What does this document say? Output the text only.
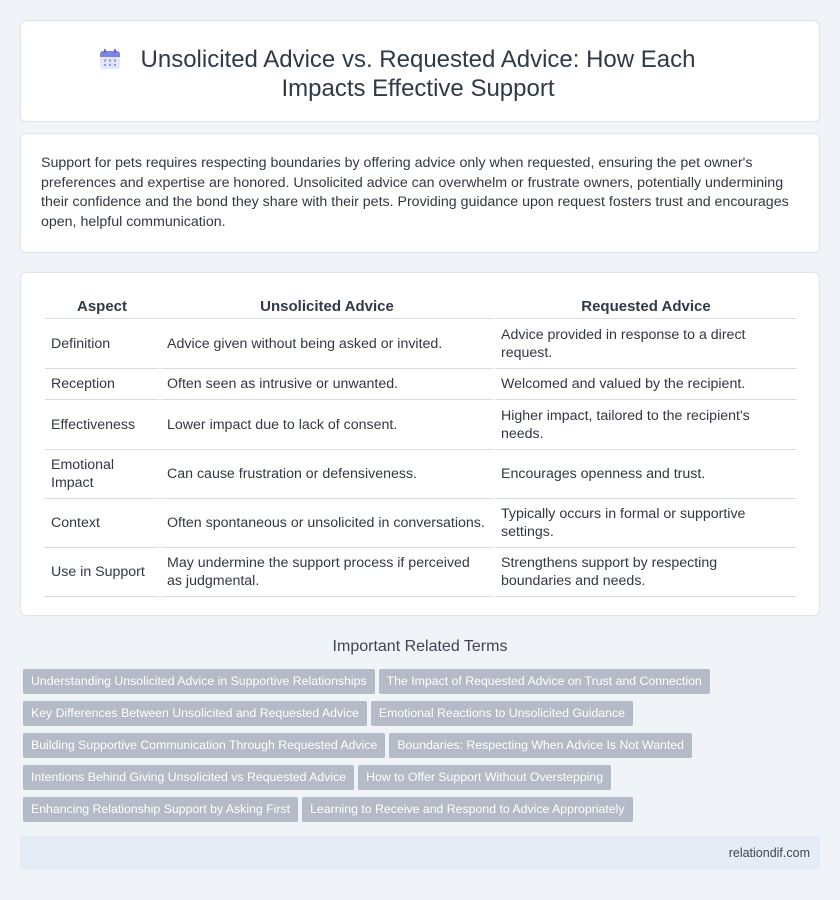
Unsolicited Advice vs. Requested Advice: How Each Impacts Effective Support

Support for pets requires respecting boundaries by offering advice only when requested, ensuring the pet owner's preferences and expertise are honored. Unsolicited advice can overwhelm or frustrate owners, potentially undermining their confidence and the bond they share with their pets. Providing guidance upon request fosters trust and encourages open, helpful communication.

Aspect	Unsolicited Advice	Requested Advice
Definition	Advice given without being asked or invited.	Advice provided in response to a direct request.
Reception	Often seen as intrusive or unwanted.	Welcomed and valued by the recipient.
Effectiveness	Lower impact due to lack of consent.	Higher impact, tailored to the recipient's needs.
Emotional Impact	Can cause frustration or defensiveness.	Encourages openness and trust.
Context	Often spontaneous or unsolicited in conversations.	Typically occurs in formal or supportive settings.
Use in Support	May undermine the support process if perceived as judgmental.	Strengthens support by respecting boundaries and needs.
Important Related Terms
Understanding Unsolicited Advice in Supportive Relationships The Impact of Requested Advice on Trust and Connection
Key Differences Between Unsolicited and Requested Advice Emotional Reactions to Unsolicited Guidance
Building Supportive Communication Through Requested Advice Boundaries: Respecting When Advice Is Not Wanted
Intentions Behind Giving Unsolicited vs Requested Advice How to Offer Support Without Overstepping
Enhancing Relationship Support by Asking First Learning to Receive and Respond to Advice Appropriately
relationdif.com
